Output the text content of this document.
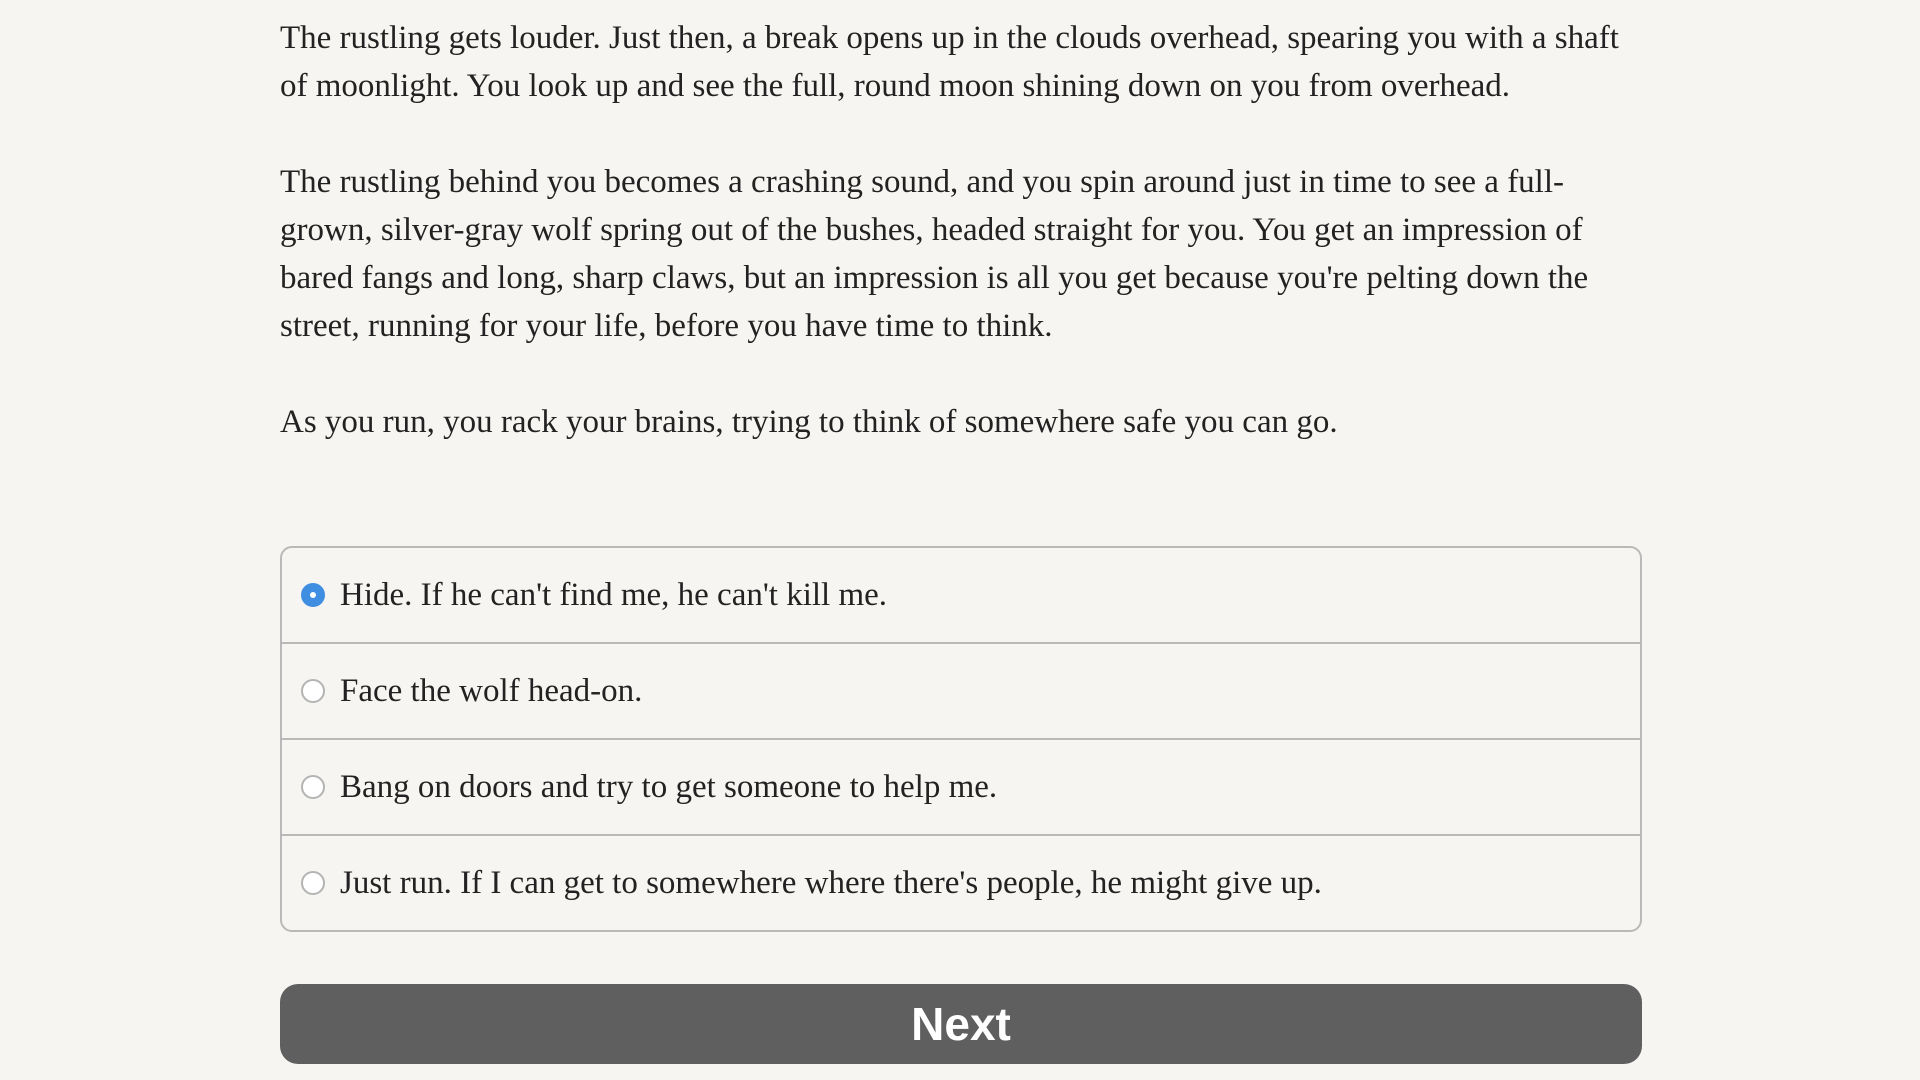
The rustling gets louder. Just then, a break opens up in the clouds overhead, spearing you with a shaft of moonlight. You look up and see the full, round moon shining down on you from overhead.

The rustling behind you becomes a crashing sound, and you spin around just in time to see a full-grown, silver-gray wolf spring out of the bushes, headed straight for you. You get an impression of bared fangs and long, sharp claws, but an impression is all you get because you're pelting down the street, running for your life, before you have time to think.

As you run, you rack your brains, trying to think of somewhere safe you can go.

Hide. If he can't find me, he can't kill me.
Face the wolf head-on.
Bang on doors and try to get someone to help me.
Just run. If I can get to somewhere where there's people, he might give up.
Next
